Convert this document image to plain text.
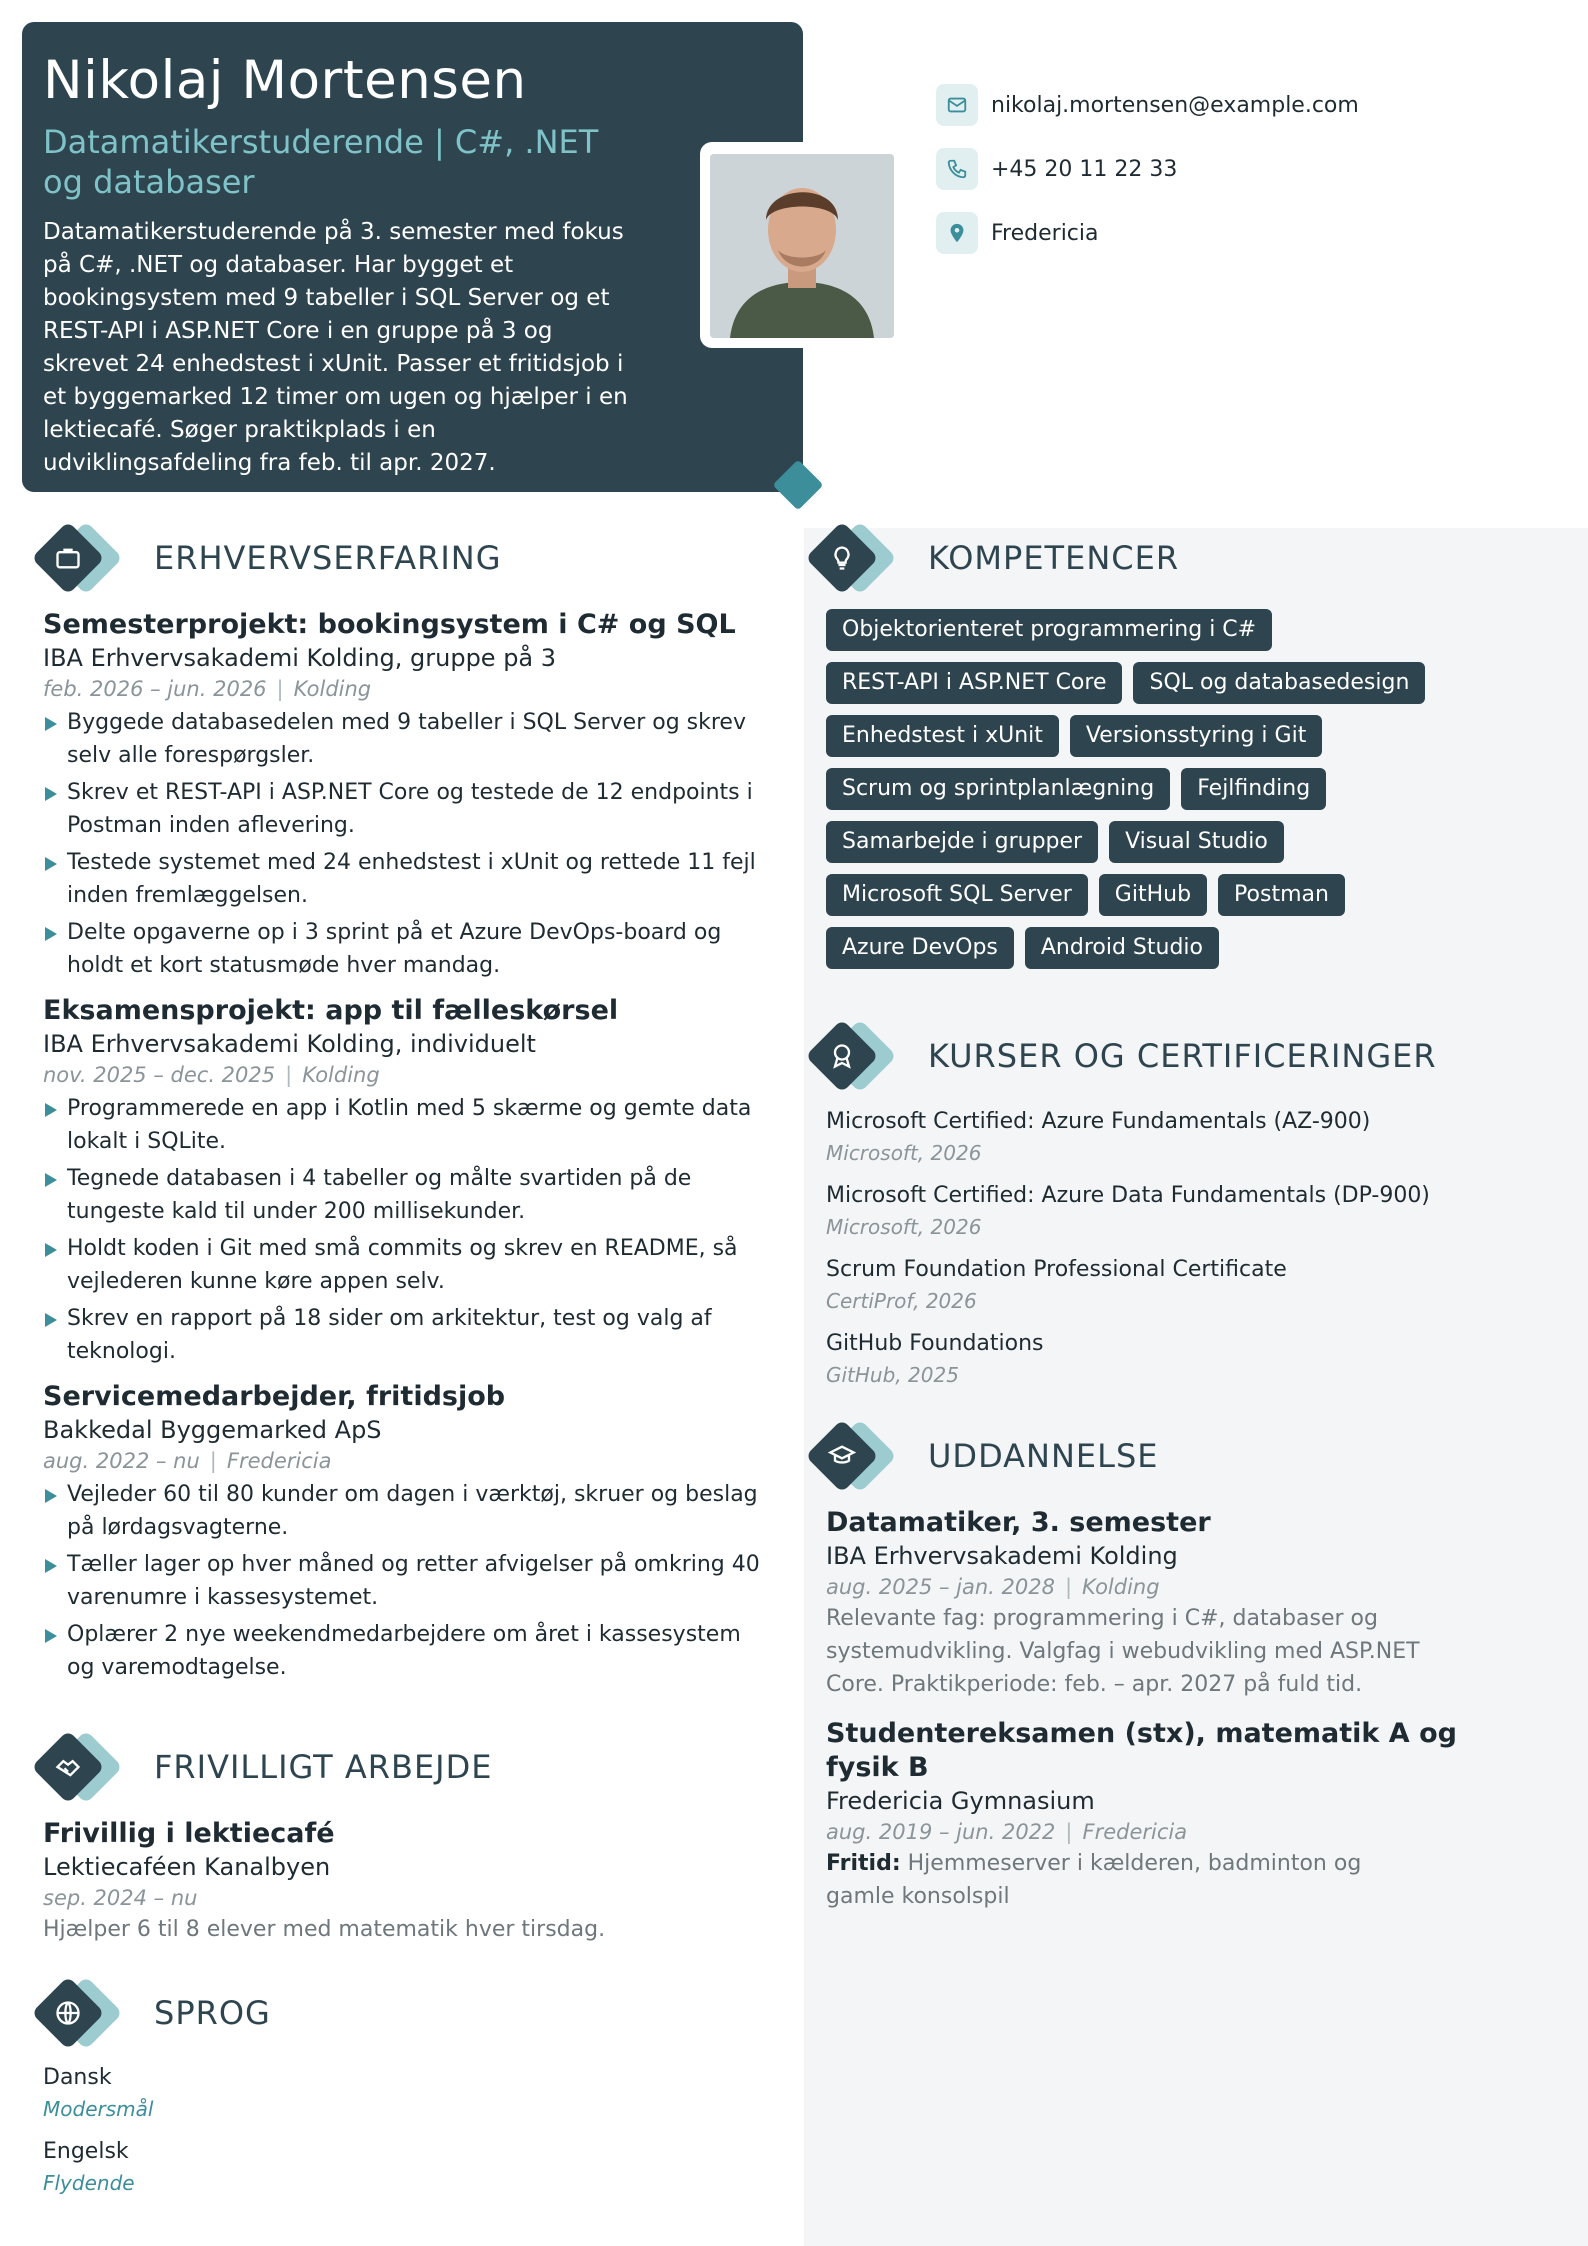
Nikolaj Mortensen
Datamatikerstuderende | C#, .NET og databaser
Datamatikerstuderende på 3. semester med fokus på C#, .NET og databaser. Har bygget et bookingsystem med 9 tabeller i SQL Server og et REST-API i ASP.NET Core i en gruppe på 3 og skrevet 24 enhedstest i xUnit. Passer et fritidsjob i et byggemarked 12 timer om ugen og hjælper i en lektiecafé. Søger praktikplads i en udviklingsafdeling fra feb. til apr. 2027.
nikolaj.mortensen@example.com
+45 20 11 22 33
Fredericia
ERHVERVSERFARING
Semesterprojekt: bookingsystem i C# og SQL
IBA Erhvervsakademi Kolding, gruppe på 3
feb. 2026 – jun. 2026 | Kolding
Byggede databasedelen med 9 tabeller i SQL Server og skrev selv alle forespørgsler.
Skrev et REST-API i ASP.NET Core og testede de 12 endpoints i Postman inden aflevering.
Testede systemet med 24 enhedstest i xUnit og rettede 11 fejl inden fremlæggelsen.
Delte opgaverne op i 3 sprint på et Azure DevOps-board og holdt et kort statusmøde hver mandag.
Eksamensprojekt: app til fælleskørsel
IBA Erhvervsakademi Kolding, individuelt
nov. 2025 – dec. 2025 | Kolding
Programmerede en app i Kotlin med 5 skærme og gemte data lokalt i SQLite.
Tegnede databasen i 4 tabeller og målte svartiden på de tungeste kald til under 200 millisekunder.
Holdt koden i Git med små commits og skrev en README, så vejlederen kunne køre appen selv.
Skrev en rapport på 18 sider om arkitektur, test og valg af teknologi.
Servicemedarbejder, fritidsjob
Bakkedal Byggemarked ApS
aug. 2022 – nu | Fredericia
Vejleder 60 til 80 kunder om dagen i værktøj, skruer og beslag på lørdagsvagterne.
Tæller lager op hver måned og retter afvigelser på omkring 40 varenumre i kassesystemet.
Oplærer 2 nye weekendmedarbejdere om året i kassesystem og varemodtagelse.
FRIVILLIGT ARBEJDE
Frivillig i lektiecafé
Lektiecaféen Kanalbyen
sep. 2024 – nu
Hjælper 6 til 8 elever med matematik hver tirsdag.
SPROG
Dansk
Modersmål
Engelsk
Flydende
KOMPETENCER
Objektorienteret programmering i C#
REST-API i ASP.NET Core	SQL og databasedesign
Enhedstest i xUnit	Versionsstyring i Git
Scrum og sprintplanlægning	Fejlfinding
Samarbejde i grupper	Visual Studio
Microsoft SQL Server	GitHub	Postman
Azure DevOps	Android Studio
KURSER OG CERTIFICERINGER
Microsoft Certified: Azure Fundamentals (AZ-900)
Microsoft, 2026
Microsoft Certified: Azure Data Fundamentals (DP-900)
Microsoft, 2026
Scrum Foundation Professional Certificate
CertiProf, 2026
GitHub Foundations
GitHub, 2025
UDDANNELSE
Datamatiker, 3. semester
IBA Erhvervsakademi Kolding
aug. 2025 – jan. 2028 | Kolding
Relevante fag: programmering i C#, databaser og systemudvikling. Valgfag i webudvikling med ASP.NET Core. Praktikperiode: feb. – apr. 2027 på fuld tid.
Studentereksamen (stx), matematik A og fysik B
Fredericia Gymnasium
aug. 2019 – jun. 2022 | Fredericia
Fritid: Hjemmeserver i kælderen, badminton og gamle konsolspil
